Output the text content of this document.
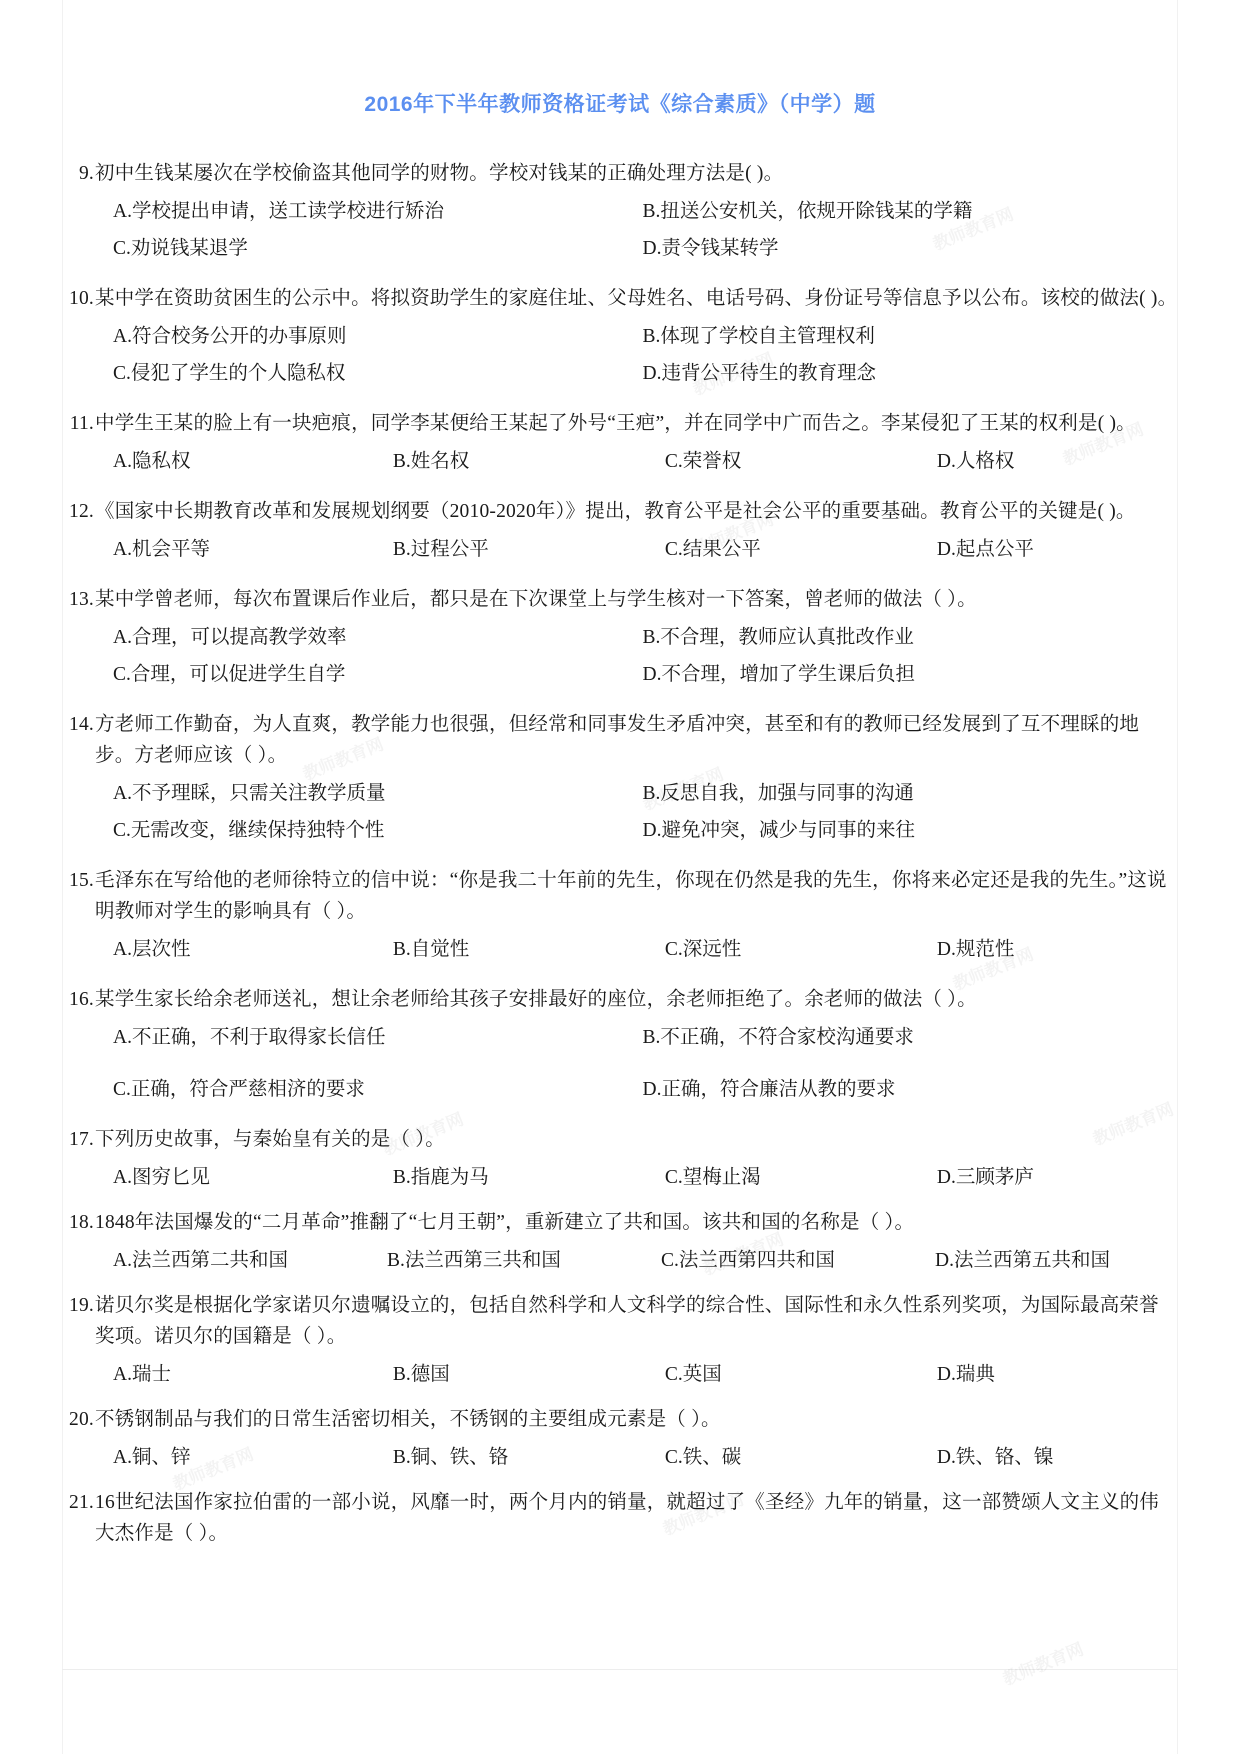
2016年下半年教师资格证考试《综合素质》（中学）题
9. 初中生钱某屡次在学校偷盗其他同学的财物。学校对钱某的正确处理方法是( )。
A.学校提出申请，送工读学校进行矫治	B.扭送公安机关，依规开除钱某的学籍
C.劝说钱某退学	D.责令钱某转学
10. 某中学在资助贫困生的公示中。将拟资助学生的家庭住址、父母姓名、电话号码、身份证号等信息予以公布。该校的做法( )。
A.符合校务公开的办事原则	B.体现了学校自主管理权利
C.侵犯了学生的个人隐私权	D.违背公平待生的教育理念
11. 中学生王某的脸上有一块疤痕，同学李某便给王某起了外号“王疤”，并在同学中广而告之。李某侵犯了王某的权利是( )。
A.隐私权	B.姓名权	C.荣誉权	D.人格权
12. 《国家中长期教育改革和发展规划纲要（2010-2020年）》提出，教育公平是社会公平的重要基础。教育公平的关键是( )。
A.机会平等	B.过程公平	C.结果公平	D.起点公平
13. 某中学曾老师，每次布置课后作业后，都只是在下次课堂上与学生核对一下答案，曾老师的做法（ ）。
A.合理，可以提高教学效率	B.不合理，教师应认真批改作业
C.合理，可以促进学生自学	D.不合理，增加了学生课后负担
14. 方老师工作勤奋，为人直爽，教学能力也很强，但经常和同事发生矛盾冲突，甚至和有的教师已经发展到了互不理睬的地步。方老师应该（ ）。
A.不予理睬，只需关注教学质量	B.反思自我，加强与同事的沟通
C.无需改变，继续保持独特个性	D.避免冲突，减少与同事的来往
15. 毛泽东在写给他的老师徐特立的信中说：“你是我二十年前的先生，你现在仍然是我的先生，你将来必定还是我的先生。”这说明教师对学生的影响具有（ ）。
A.层次性	B.自觉性	C.深远性	D.规范性
16. 某学生家长给余老师送礼，想让余老师给其孩子安排最好的座位，余老师拒绝了。余老师的做法（ ）。
A.不正确，不利于取得家长信任	B.不正确，不符合家校沟通要求
C.正确，符合严慈相济的要求	D.正确，符合廉洁从教的要求
17. 下列历史故事，与秦始皇有关的是（ ）。
A.图穷匕见	B.指鹿为马	C.望梅止渴	D.三顾茅庐
18. 1848年法国爆发的“二月革命”推翻了“七月王朝”，重新建立了共和国。该共和国的名称是（ ）。
A.法兰西第二共和国	B.法兰西第三共和国	C.法兰西第四共和国	D.法兰西第五共和国
19. 诺贝尔奖是根据化学家诺贝尔遗嘱设立的，包括自然科学和人文科学的综合性、国际性和永久性系列奖项，为国际最高荣誉奖项。诺贝尔的国籍是（ ）。
A.瑞士	B.德国	C.英国	D.瑞典
20. 不锈钢制品与我们的日常生活密切相关，不锈钢的主要组成元素是（ ）。
A.铜、锌	B.铜、铁、铬	C.铁、碳	D.铁、铬、镍
21. 16世纪法国作家拉伯雷的一部小说，风靡一时，两个月内的销量，就超过了《圣经》九年的销量，这一部赞颂人文主义的伟大杰作是（ ）。
